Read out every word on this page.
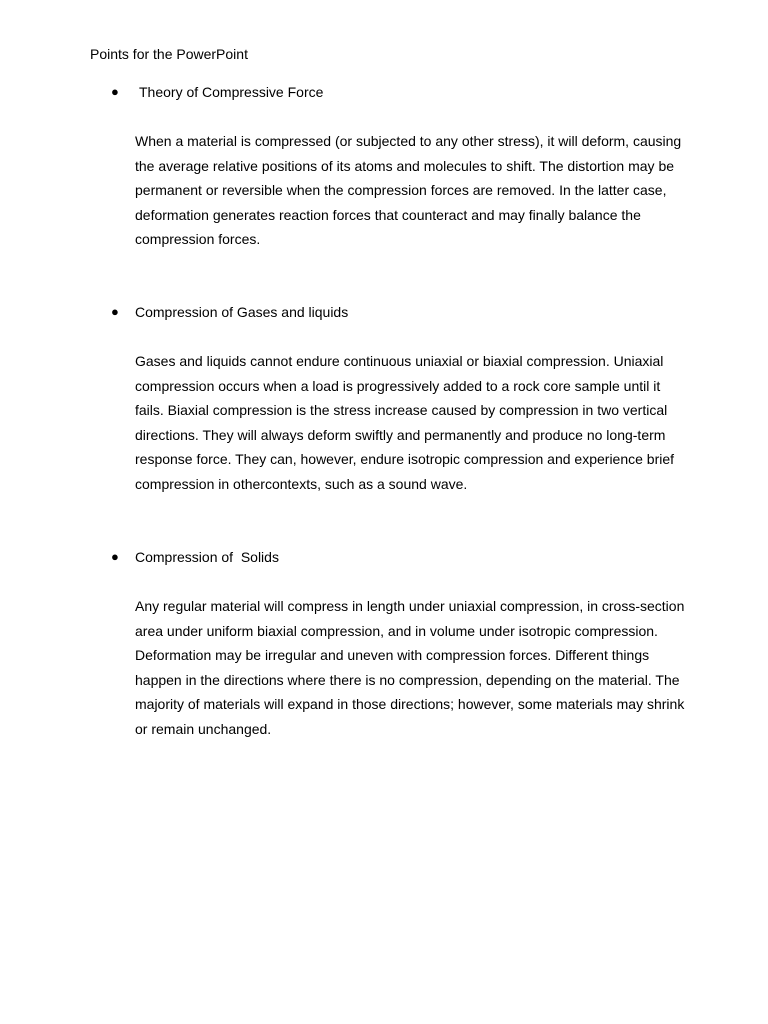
Points for the PowerPoint
● Theory of Compressive Force
When a material is compressed (or subjected to any other stress), it will deform, causing
the average relative positions of its atoms and molecules to shift. The distortion may be
permanent or reversible when the compression forces are removed. In the latter case,
deformation generates reaction forces that counteract and may finally balance the
compression forces.
● Compression of Gases and liquids
Gases and liquids cannot endure continuous uniaxial or biaxial compression. Uniaxial
compression occurs when a load is progressively added to a rock core sample until it
fails. Biaxial compression is the stress increase caused by compression in two vertical
directions. They will always deform swiftly and permanently and produce no long-term
response force. They can, however, endure isotropic compression and experience brief
compression in othercontexts, such as a sound wave.
● Compression of  Solids
Any regular material will compress in length under uniaxial compression, in cross-section
area under uniform biaxial compression, and in volume under isotropic compression.
Deformation may be irregular and uneven with compression forces. Different things
happen in the directions where there is no compression, depending on the material. The
majority of materials will expand in those directions; however, some materials may shrink
or remain unchanged.
